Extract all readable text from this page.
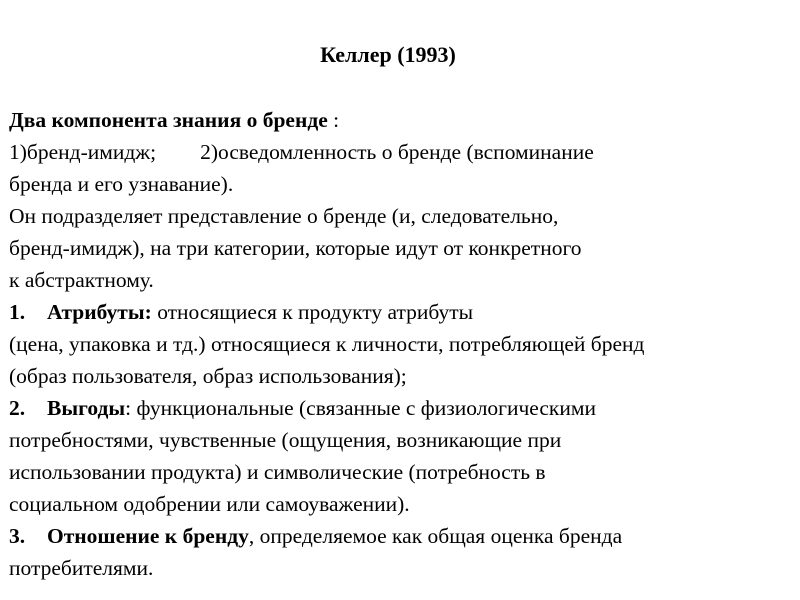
Келлер (1993)
Два компонента знания о бренде :
1)бренд-имидж; 2)осведомленность о бренде (вспоминание
бренда и его узнавание).
Он подразделяет представление о бренде (и, следовательно,
бренд-имидж), на три категории, которые идут от конкретного
к абстрактному.
1. Атрибуты: относящиеся к продукту атрибуты
(цена, упаковка и тд.) относящиеся к личности, потребляющей бренд
(образ пользователя, образ использования);
2. Выгоды: функциональные (связанные с физиологическими
потребностями, чувственные (ощущения, возникающие при
использовании продукта) и символические (потребность в
социальном одобрении или самоуважении).
3. Отношение к бренду, определяемое как общая оценка бренда
потребителями.
